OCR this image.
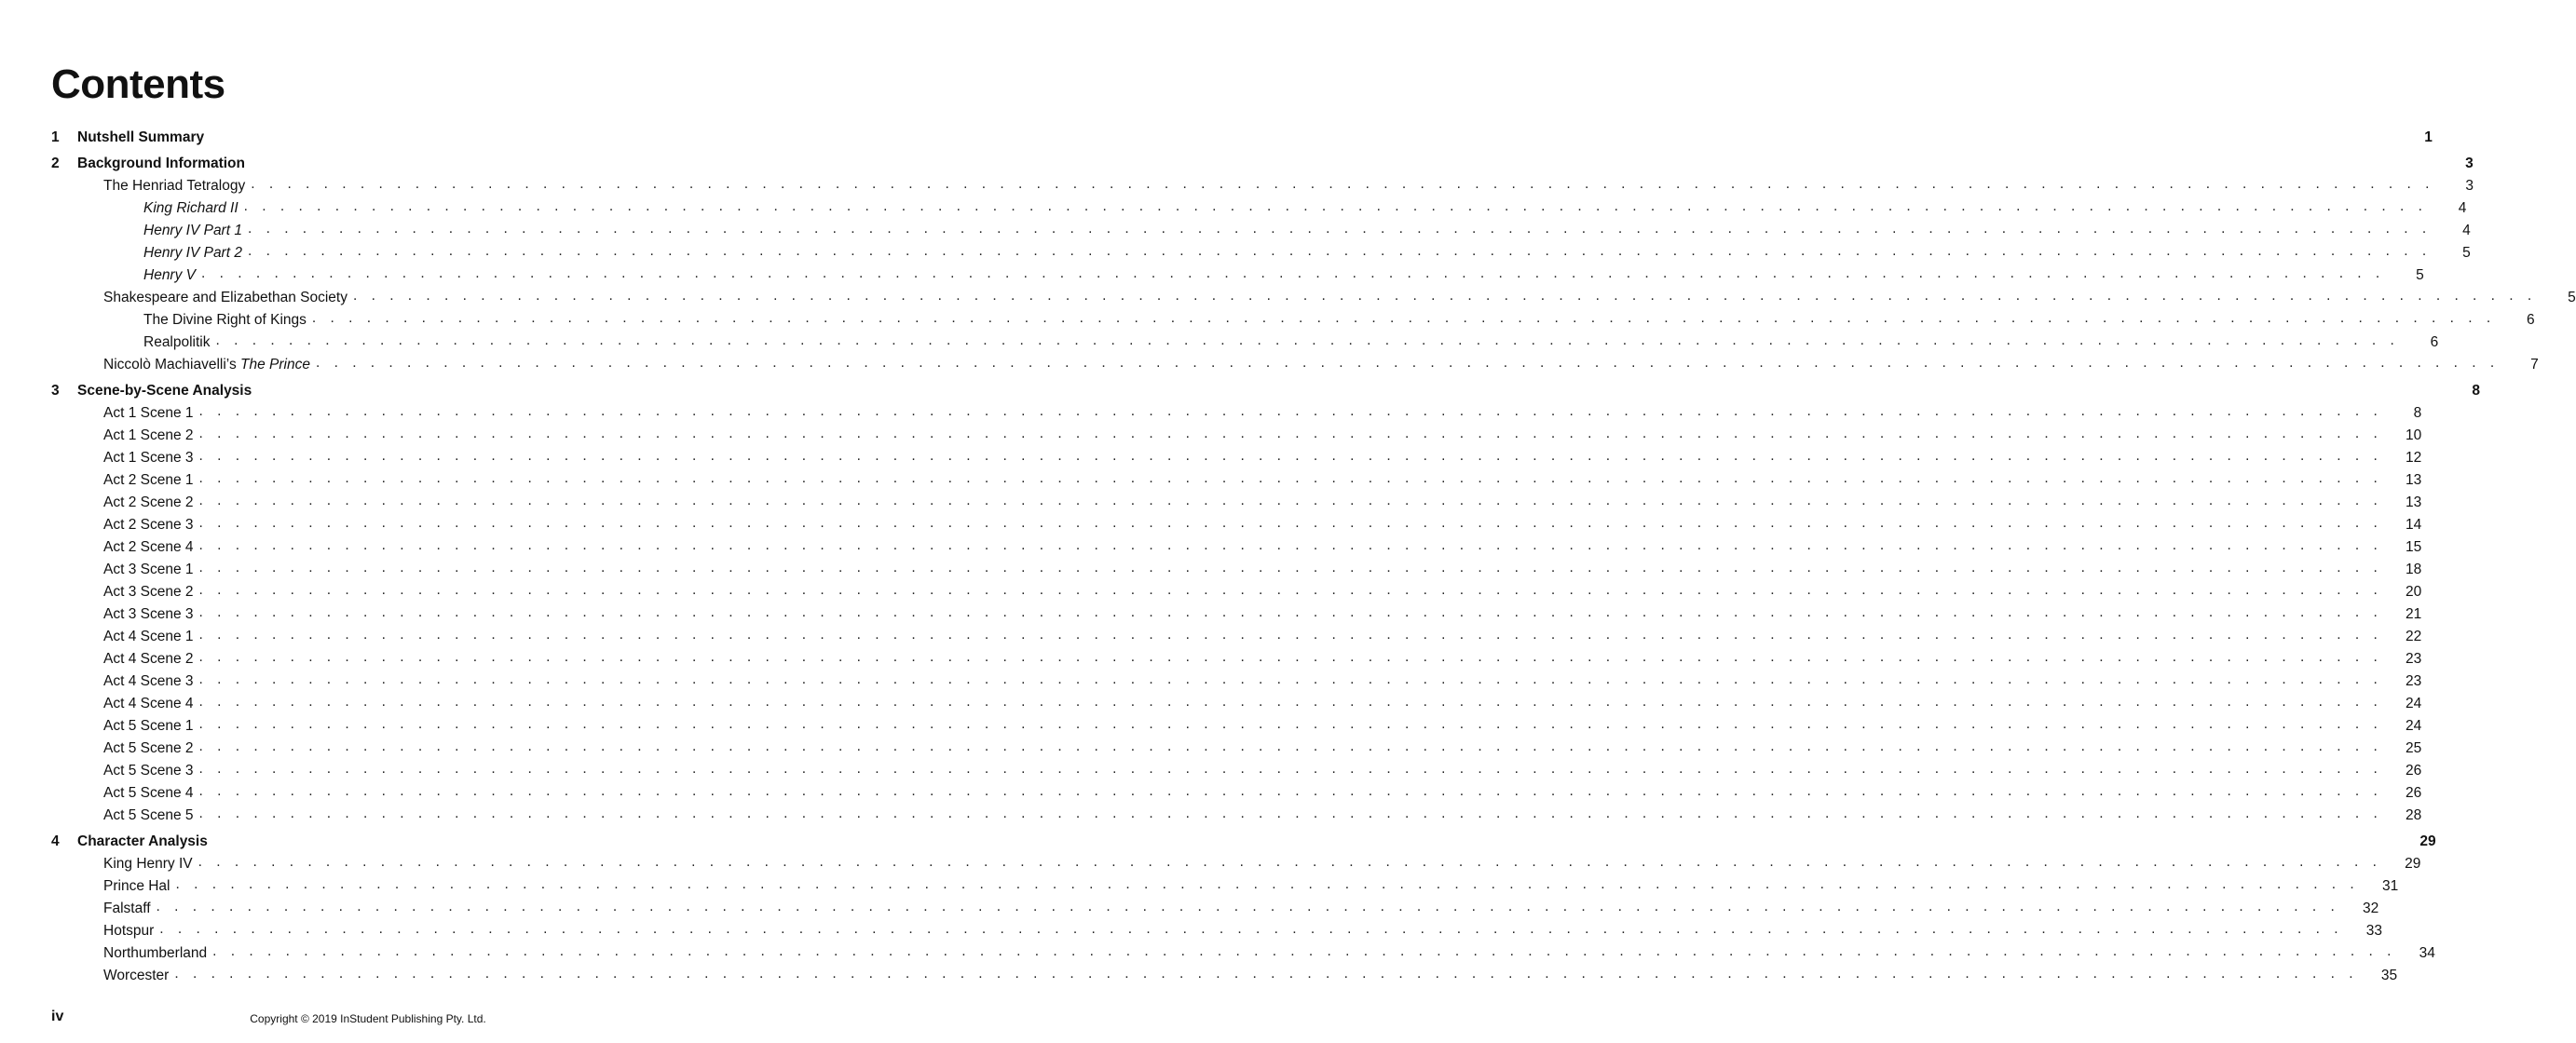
Contents
1	Nutshell Summary	1
2	Background Information	3
The Henriad Tetralogy . . . . . . . . . . . . . . . . . . . . . . . . . . . . . . . . . . . . . . . . . . . . . . . . . . . . . . . . . . . . . . . . . . . . . . . . . . . . . . . . . . . . . . . . . . . . . . . . . . . . . . . . . . . . . . . . . . . . . . . .	3
King Richard II . . . . . . . . . . . . . . . . . . . . . . . . . . . . . . . . . . . . . . . . . . . . . . . . . . . . . . . . . . . . . . . . . . . . . . . . . . . . . . . . . . . . . . . . . . . . . . . . . . . . . . . . . . . . . . . . . . . . . . . .	4
Henry IV Part 1 . . . . . . . . . . . . . . . . . . . . . . . . . . . . . . . . . . . . . . . . . . . . . . . . . . . . . . . . . . . . . . . . . . . . . . . . . . . . . . . . . . . . . . . . . . . . . . . . . . . . . . . . . . . . . . . . . . . . . . . .	4
Henry IV Part 2 . . . . . . . . . . . . . . . . . . . . . . . . . . . . . . . . . . . . . . . . . . . . . . . . . . . . . . . . . . . . . . . . . . . . . . . . . . . . . . . . . . . . . . . . . . . . . . . . . . . . . . . . . . . . . . . . . . . . . . . .	5
Henry V . . . . . . . . . . . . . . . . . . . . . . . . . . . . . . . . . . . . . . . . . . . . . . . . . . . . . . . . . . . . . . . . . . . . . . . . . . . . . . . . . . . . . . . . . . . . . . . . . . . . . . . . . . . . . . . . . . . . . . . .	5
Shakespeare and Elizabethan Society . . . . . . . . . . . . . . . . . . . . . . . . . . . . . . . . . . . . . . . . . . . . . . . . . . . . . . . . . . . . . . . . . . . . . . . . . . . . . . . . . . . . . . . . . . . . . . . . . . . . . . . . . . . . . . . . . . . . . . . .	5
The Divine Right of Kings . . . . . . . . . . . . . . . . . . . . . . . . . . . . . . . . . . . . . . . . . . . . . . . . . . . . . . . . . . . . . . . . . . . . . . . . . . . . . . . . . . . . . . . . . . . . . . . . . . . . . . . . . . . . . . . . . . . . . . . .	6
Realpolitik . . . . . . . . . . . . . . . . . . . . . . . . . . . . . . . . . . . . . . . . . . . . . . . . . . . . . . . . . . . . . . . . . . . . . . . . . . . . . . . . . . . . . . . . . . . . . . . . . . . . . . . . . . . . . . . . . . . . . . . .	6
Niccolò Machiavelli’s The Prince . . . . . . . . . . . . . . . . . . . . . . . . . . . . . . . . . . . . . . . . . . . . . . . . . . . . . . . . . . . . . . . . . . . . . . . . . . . . . . . . . . . . . . . . . . . . . . . . . . . . . . . . . . . . . . . . . . . . . . . .	7
3	Scene-by-Scene Analysis	8
Act 1 Scene 1 . . . . . . . . . . . . . . . . . . . . . . . . . . . . . . . . . . . . . . . . . . . . . . . . . . . . . . . . . . . . . . . . . . . . . . . . . . . . . . . . . . . . . . . . . . . . . . . . . . . . . . . . . . . . . . . . . . . . . . . .	8
Act 1 Scene 2 . . . . . . . . . . . . . . . . . . . . . . . . . . . . . . . . . . . . . . . . . . . . . . . . . . . . . . . . . . . . . . . . . . . . . . . . . . . . . . . . . . . . . . . . . . . . . . . . . . . . . . . . . . . . . . . . . . . . . . . .	10
Act 1 Scene 3 . . . . . . . . . . . . . . . . . . . . . . . . . . . . . . . . . . . . . . . . . . . . . . . . . . . . . . . . . . . . . . . . . . . . . . . . . . . . . . . . . . . . . . . . . . . . . . . . . . . . . . . . . . . . . . . . . . . . . . . .	12
Act 2 Scene 1 . . . . . . . . . . . . . . . . . . . . . . . . . . . . . . . . . . . . . . . . . . . . . . . . . . . . . . . . . . . . . . . . . . . . . . . . . . . . . . . . . . . . . . . . . . . . . . . . . . . . . . . . . . . . . . . . . . . . . . . .	13
Act 2 Scene 2 . . . . . . . . . . . . . . . . . . . . . . . . . . . . . . . . . . . . . . . . . . . . . . . . . . . . . . . . . . . . . . . . . . . . . . . . . . . . . . . . . . . . . . . . . . . . . . . . . . . . . . . . . . . . . . . . . . . . . . . .	13
Act 2 Scene 3 . . . . . . . . . . . . . . . . . . . . . . . . . . . . . . . . . . . . . . . . . . . . . . . . . . . . . . . . . . . . . . . . . . . . . . . . . . . . . . . . . . . . . . . . . . . . . . . . . . . . . . . . . . . . . . . . . . . . . . . .	14
Act 2 Scene 4 . . . . . . . . . . . . . . . . . . . . . . . . . . . . . . . . . . . . . . . . . . . . . . . . . . . . . . . . . . . . . . . . . . . . . . . . . . . . . . . . . . . . . . . . . . . . . . . . . . . . . . . . . . . . . . . . . . . . . . . .	15
Act 3 Scene 1 . . . . . . . . . . . . . . . . . . . . . . . . . . . . . . . . . . . . . . . . . . . . . . . . . . . . . . . . . . . . . . . . . . . . . . . . . . . . . . . . . . . . . . . . . . . . . . . . . . . . . . . . . . . . . . . . . . . . . . . .	18
Act 3 Scene 2 . . . . . . . . . . . . . . . . . . . . . . . . . . . . . . . . . . . . . . . . . . . . . . . . . . . . . . . . . . . . . . . . . . . . . . . . . . . . . . . . . . . . . . . . . . . . . . . . . . . . . . . . . . . . . . . . . . . . . . . .	20
Act 3 Scene 3 . . . . . . . . . . . . . . . . . . . . . . . . . . . . . . . . . . . . . . . . . . . . . . . . . . . . . . . . . . . . . . . . . . . . . . . . . . . . . . . . . . . . . . . . . . . . . . . . . . . . . . . . . . . . . . . . . . . . . . . .	21
Act 4 Scene 1 . . . . . . . . . . . . . . . . . . . . . . . . . . . . . . . . . . . . . . . . . . . . . . . . . . . . . . . . . . . . . . . . . . . . . . . . . . . . . . . . . . . . . . . . . . . . . . . . . . . . . . . . . . . . . . . . . . . . . . . .	22
Act 4 Scene 2 . . . . . . . . . . . . . . . . . . . . . . . . . . . . . . . . . . . . . . . . . . . . . . . . . . . . . . . . . . . . . . . . . . . . . . . . . . . . . . . . . . . . . . . . . . . . . . . . . . . . . . . . . . . . . . . . . . . . . . . .	23
Act 4 Scene 3 . . . . . . . . . . . . . . . . . . . . . . . . . . . . . . . . . . . . . . . . . . . . . . . . . . . . . . . . . . . . . . . . . . . . . . . . . . . . . . . . . . . . . . . . . . . . . . . . . . . . . . . . . . . . . . . . . . . . . . . .	23
Act 4 Scene 4 . . . . . . . . . . . . . . . . . . . . . . . . . . . . . . . . . . . . . . . . . . . . . . . . . . . . . . . . . . . . . . . . . . . . . . . . . . . . . . . . . . . . . . . . . . . . . . . . . . . . . . . . . . . . . . . . . . . . . . . .	24
Act 5 Scene 1 . . . . . . . . . . . . . . . . . . . . . . . . . . . . . . . . . . . . . . . . . . . . . . . . . . . . . . . . . . . . . . . . . . . . . . . . . . . . . . . . . . . . . . . . . . . . . . . . . . . . . . . . . . . . . . . . . . . . . . . .	24
Act 5 Scene 2 . . . . . . . . . . . . . . . . . . . . . . . . . . . . . . . . . . . . . . . . . . . . . . . . . . . . . . . . . . . . . . . . . . . . . . . . . . . . . . . . . . . . . . . . . . . . . . . . . . . . . . . . . . . . . . . . . . . . . . . .	25
Act 5 Scene 3 . . . . . . . . . . . . . . . . . . . . . . . . . . . . . . . . . . . . . . . . . . . . . . . . . . . . . . . . . . . . . . . . . . . . . . . . . . . . . . . . . . . . . . . . . . . . . . . . . . . . . . . . . . . . . . . . . . . . . . . .	26
Act 5 Scene 4 . . . . . . . . . . . . . . . . . . . . . . . . . . . . . . . . . . . . . . . . . . . . . . . . . . . . . . . . . . . . . . . . . . . . . . . . . . . . . . . . . . . . . . . . . . . . . . . . . . . . . . . . . . . . . . . . . . . . . . . .	26
Act 5 Scene 5 . . . . . . . . . . . . . . . . . . . . . . . . . . . . . . . . . . . . . . . . . . . . . . . . . . . . . . . . . . . . . . . . . . . . . . . . . . . . . . . . . . . . . . . . . . . . . . . . . . . . . . . . . . . . . . . . . . . . . . . .	28
4	Character Analysis	29
King Henry IV . . . . . . . . . . . . . . . . . . . . . . . . . . . . . . . . . . . . . . . . . . . . . . . . . . . . . . . . . . . . . . . . . . . . . . . . . . . . . . . . . . . . . . . . . . . . . . . . . . . . . . . . . . . . . . . . . . . . . . . .	29
Prince Hal . . . . . . . . . . . . . . . . . . . . . . . . . . . . . . . . . . . . . . . . . . . . . . . . . . . . . . . . . . . . . . . . . . . . . . . . . . . . . . . . . . . . . . . . . . . . . . . . . . . . . . . . . . . . . . . . . . . . . . . .	31
Falstaff . . . . . . . . . . . . . . . . . . . . . . . . . . . . . . . . . . . . . . . . . . . . . . . . . . . . . . . . . . . . . . . . . . . . . . . . . . . . . . . . . . . . . . . . . . . . . . . . . . . . . . . . . . . . . . . . . . . . . . . .	32
Hotspur . . . . . . . . . . . . . . . . . . . . . . . . . . . . . . . . . . . . . . . . . . . . . . . . . . . . . . . . . . . . . . . . . . . . . . . . . . . . . . . . . . . . . . . . . . . . . . . . . . . . . . . . . . . . . . . . . . . . . . . .	33
Northumberland . . . . . . . . . . . . . . . . . . . . . . . . . . . . . . . . . . . . . . . . . . . . . . . . . . . . . . . . . . . . . . . . . . . . . . . . . . . . . . . . . . . . . . . . . . . . . . . . . . . . . . . . . . . . . . . . . . . . . . . .	34
Worcester . . . . . . . . . . . . . . . . . . . . . . . . . . . . . . . . . . . . . . . . . . . . . . . . . . . . . . . . . . . . . . . . . . . . . . . . . . . . . . . . . . . . . . . . . . . . . . . . . . . . . . . . . . . . . . . . . . . . . . . .	35
iv	Copyright © 2019 InStudent Publishing Pty. Ltd.
